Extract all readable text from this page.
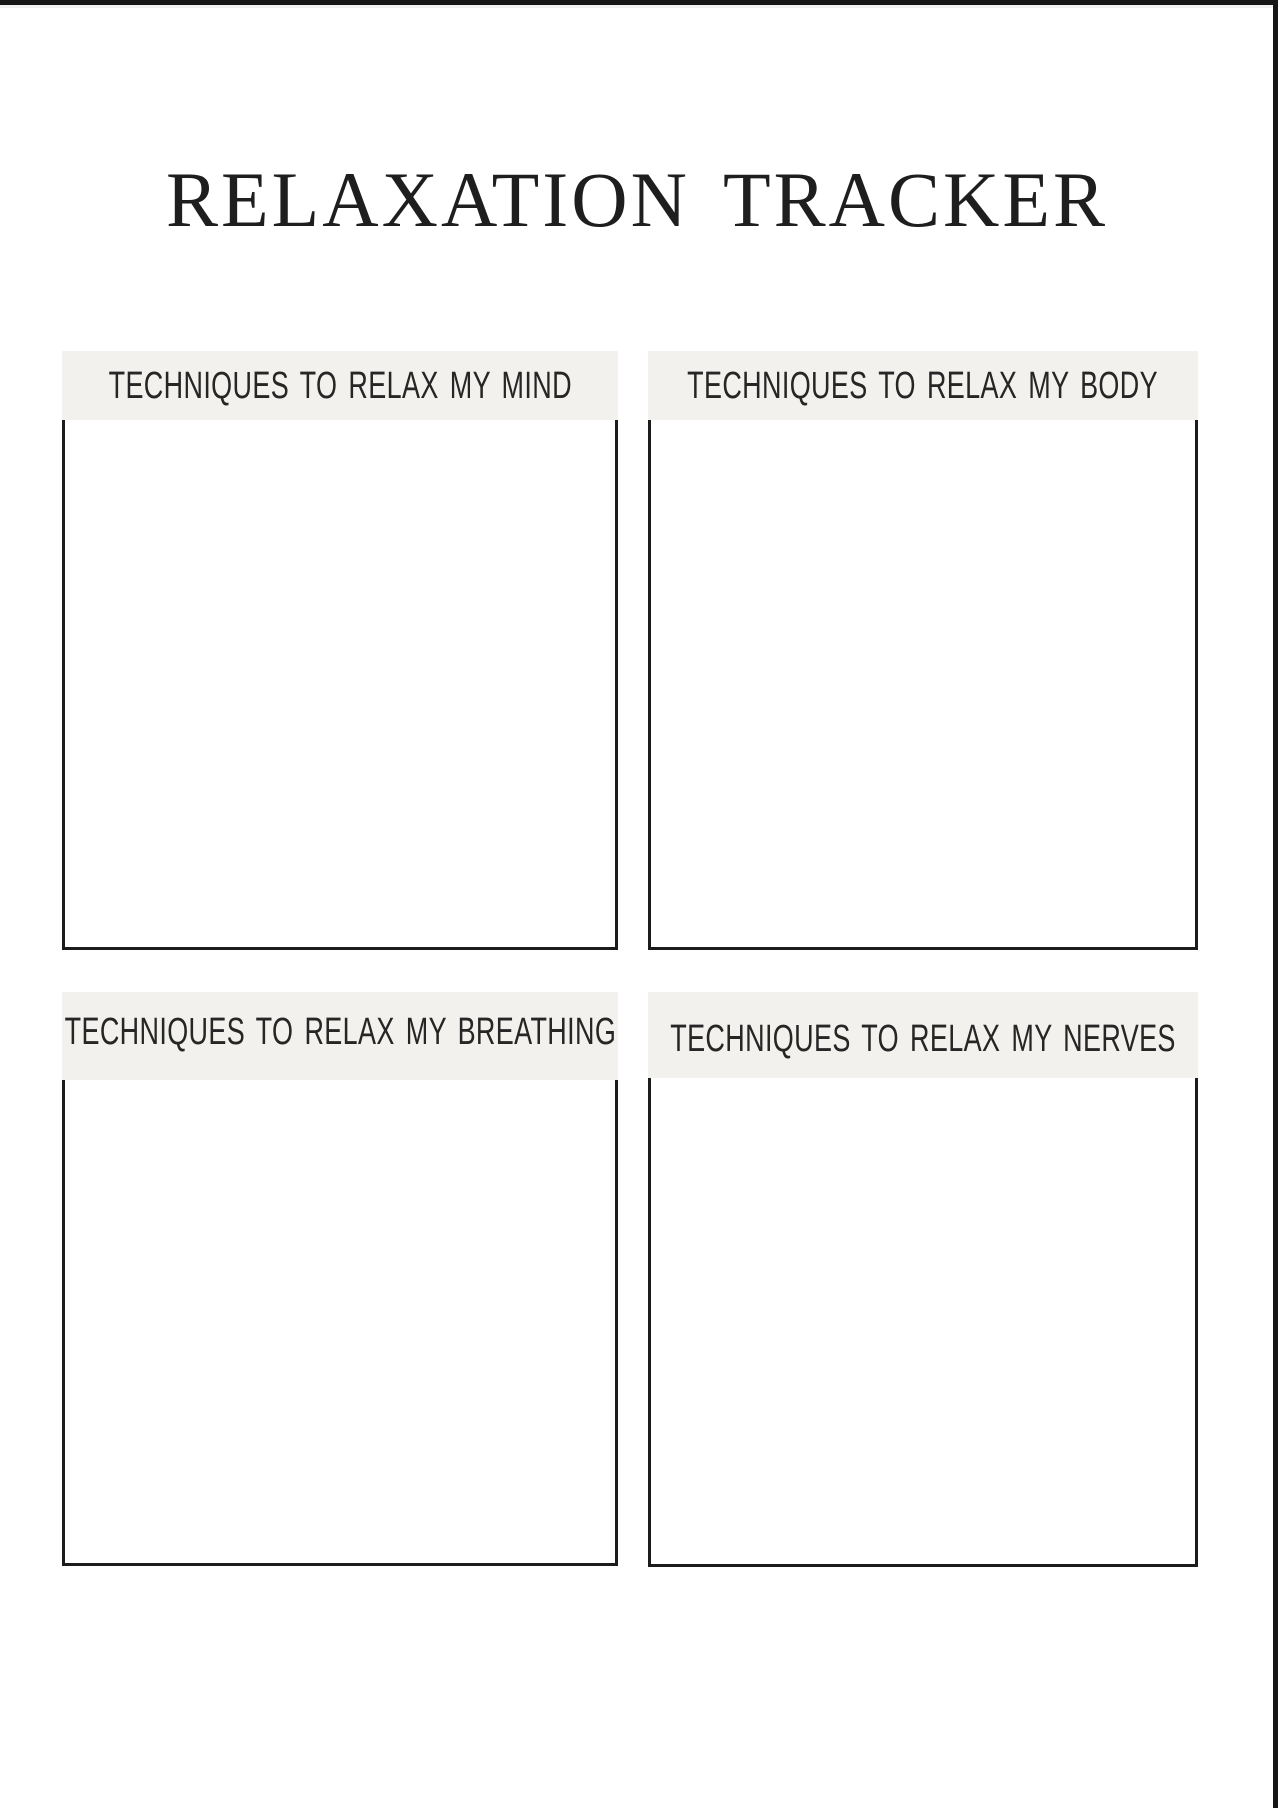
RELAXATION TRACKER
TECHNIQUES TO RELAX MY MIND	TECHNIQUES TO RELAX MY BODY
TECHNIQUES TO RELAX MY BREATHING TECHNIQUES TO RELAX MY NERVES
